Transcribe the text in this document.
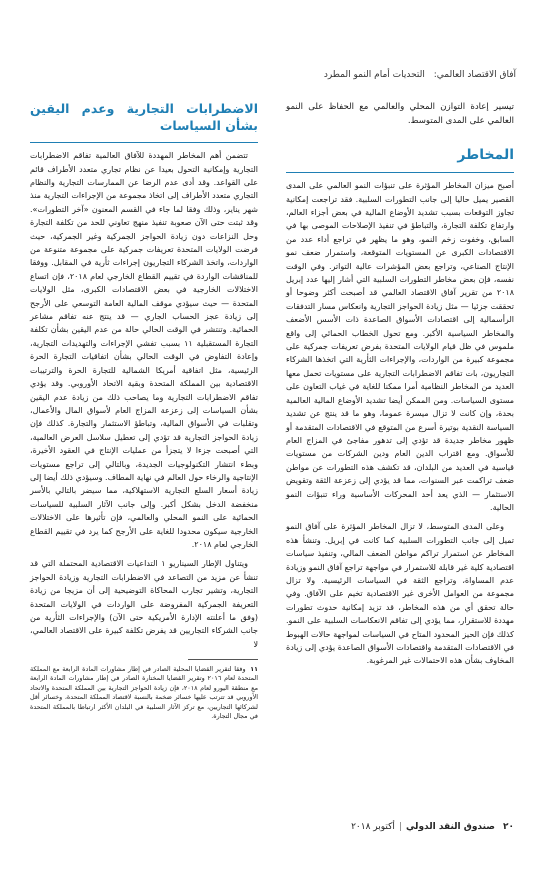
آفاق الاقتصاد العالمي: التحديات أمام النمو المطرد

تيسير إعادة التوازن المحلي والعالمي مع الحفاظ على النمو العالمي على المدى المتوسط.

المخاطر

أصبح ميزان المخاطر المؤثرة على تنبؤات النمو العالمي على المدى القصير يميل حاليا إلى جانب التطورات السلبية. فقد تراجعت إمكانية تجاوز التوقعات بسبب تشديد الأوضاع المالية في بعض أجزاء العالم، وارتفاع تكلفة التجارة، والتباطؤ في تنفيذ الإصلاحات الموصى بها في السابق، وخفوت زخم النمو، وهو ما يظهر في تراجع أداء عدد من الاقتصادات الكبرى عن المستويات المتوقعة، واستمرار ضعف نمو الإنتاج الصناعي، وتراجع بعض المؤشرات عالية التواتر. وفي الوقت نفسه، فإن بعض مخاطر التطورات السلبية التي أشار إليها عدد إبريل ٢٠١٨ من تقرير آفاق الاقتصاد العالمي قد أصبحت أكثر وضوحا أو تحققت جزئيا — مثل زيادة الحواجز التجارية وانعكاس مسار التدفقات الرأسمالية إلى اقتصادات الأسواق الصاعدة ذات الأسس الأضعف والمخاطر السياسية الأكبر. ومع تحول الخطاب الحمائي إلى واقع ملموس في ظل قيام الولايات المتحدة بفرض تعريفات جمركية على مجموعة كبيرة من الواردات، والإجراءات الثأرية التي اتخذها الشركاء التجاريون، بات تفاقم الاضطرابات التجارية على مستويات تحمل معها العديد من المخاطر النظامية أمرا ممكنا للغاية في غياب التعاون على مستوى السياسات. ومن الممكن أيضا تشديد الأوضاع المالية العالمية بحدة، وإن كانت لا تزال ميسرة عموما، وهو ما قد ينتج عن تشديد السياسة النقدية بوتيرة أسرع من المتوقع في الاقتصادات المتقدمة أو ظهور مخاطر جديدة قد تؤدي إلى تدهور مفاجئ في المزاج العام للأسواق. ومع اقتراب الدين العام ودين الشركات من مستويات قياسية في العديد من البلدان، قد تكشف هذه التطورات عن مواطن ضعف تراكمت عبر السنوات، مما قد يؤدي إلى زعزعة الثقة وتقويض الاستثمار — الذي يعد أحد المحركات الأساسية وراء تنبؤات النمو الحالية.

وعلى المدى المتوسط، لا تزال المخاطر المؤثرة على آفاق النمو تميل إلى جانب التطورات السلبية كما كانت في إبريل. وتنشأ هذه المخاطر عن استمرار تراكم مواطن الضعف المالي، وتنفيذ سياسات اقتصادية كلية غير قابلة للاستمرار في مواجهة تراجع آفاق النمو وزيادة عدم المساواة، وتراجع الثقة في السياسات الرئيسية. ولا تزال مجموعة من العوامل الأخرى غير الاقتصادية تخيم على الآفاق. وفي حالة تحقق أي من هذه المخاطر، قد تزيد إمكانية حدوث تطورات مهددة للاستقرار، مما يؤدي إلى تفاقم الانعكاسات السلبية على النمو. كذلك فإن الحيز المحدود المتاح في السياسات لمواجهة حالات الهبوط في الاقتصادات المتقدمة واقتصادات الأسواق الصاعدة يؤدي إلى زيادة المخاوف بشأن هذه الاحتمالات غير المرغوبة.

الاضطرابات التجارية وعدم اليقين بشأن السياسات

تتضمن أهم المخاطر المهددة للآفاق العالمية تفاقم الاضطرابات التجارية وإمكانية التحول بعيدا عن نظام تجاري متعدد الأطراف قائم على القواعد. وقد أدى عدم الرضا عن الممارسات التجارية والنظام التجاري متعدد الأطراف إلى اتخاذ مجموعة من الإجراءات التجارية منذ شهر يناير، وذلك وفقا لما جاء في القسم المعنون «آخر التطورات». وقد ثبتت حتى الآن صعوبة تنفيذ منهج تعاوني للحد من تكلفة التجارة وحل النزاعات دون زيادة الحواجز الجمركية وغير الجمركية، حيث فرضت الولايات المتحدة تعريفات جمركية على مجموعة متنوعة من الواردات، واتخذ الشركاء التجاريون إجراءات ثأرية في المقابل. ووفقا للمناقشات الواردة في تقييم القطاع الخارجي لعام ٢٠١٨، فإن اتساع الاختلالات الخارجية في بعض الاقتصادات الكبرى، مثل الولايات المتحدة — حيث سيؤدي موقف المالية العامة التوسعي على الأرجح إلى زيادة عجز الحساب الجاري — قد ينتج عنه تفاقم مشاعر الحمائية. وتنتشر في الوقت الحالي حالة من عدم اليقين بشأن تكلفة التجارة المستقبلية ١١ بسبب تفشي الإجراءات والتهديدات التجارية، وإعادة التفاوض في الوقت الحالي بشأن اتفاقيات التجارة الحرة الرئيسية، مثل اتفاقية أمريكا الشمالية للتجارة الحرة والترتيبات الاقتصادية بين المملكة المتحدة وبقية الاتحاد الأوروبي. وقد يؤدي تفاقم الاضطرابات التجارية وما يصاحب ذلك من زيادة عدم اليقين بشأن السياسات إلى زعزعة المزاج العام لأسواق المال والأعمال، وتقلبات في الأسواق المالية، وتباطؤ الاستثمار والتجارة. كذلك فإن زيادة الحواجز التجارية قد تؤدي إلى تعطيل سلاسل العرض العالمية، التي أصبحت جزءا لا يتجزأ من عمليات الإنتاج في العقود الأخيرة، وبطء انتشار التكنولوجيات الجديدة، وبالتالي إلى تراجع مستويات الإنتاجية والرخاء حول العالم في نهاية المطاف. وسيؤدي ذلك أيضا إلى زيادة أسعار السلع التجارية الاستهلاكية، مما سيضر بالتالي بالأسر منخفضة الدخل بشكل أكبر. وإلى جانب الآثار السلبية للسياسات الحمائية على النمو المحلي والعالمي، فإن تأثيرها على الاختلالات الخارجية سيكون محدودا للغاية على الأرجح كما يرد في تقييم القطاع الخارجي لعام ٢٠١٨.

ويتناول الإطار السيناريو ١ التداعيات الاقتصادية المحتملة التي قد تنشأ عن مزيد من التصاعد في الاضطرابات التجارية وزيادة الحواجز التجارية، وتشير تجارب المحاكاة التوضيحية إلى أن مزيجا من زيادة التعريفة الجمركية المفروضة على الواردات في الولايات المتحدة (وفق ما أعلنته الإدارة الأمريكية حتى الآن) والإجراءات الثأرية من جانب الشركاء التجاريين قد يفرض تكلفة كبيرة على الاقتصاد العالمي، لا

١١ وفقا لتقرير القضايا المحلية الصادر في إطار مشاورات المادة الرابعة مع المملكة المتحدة لعام ٢٠١٦ وتقرير القضايا المختارة الصادر في إطار مشاورات المادة الرابعة مع منطقة اليورو لعام ٢٠١٨، فإن زيادة الحواجز التجارية بين المملكة المتحدة والاتحاد الأوروبي قد تترتب عليها خسائر ضخمة بالنسبة لاقتصاد المملكة المتحدة، وخسائر أقل لشركائها التجاريين، مع تركز الآثار السلبية في البلدان الأكثر ارتباطا بالمملكة المتحدة في مجال التجارة.

٢٠صندوق النقد الدولي|أكتوبر ٢٠١٨
